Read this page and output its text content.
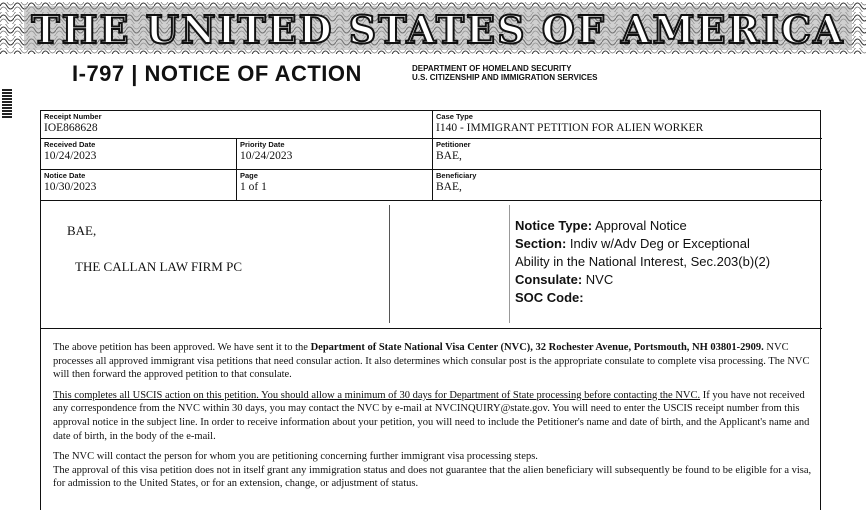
THE UNITED STATES OF AMERICA
I-797 | NOTICE OF ACTION	DEPARTMENT OF HOMELAND SECURITY
U.S. CITIZENSHIP AND IMMIGRATION SERVICES
Receipt Number
IOE868628
Case Type
I140 - IMMIGRANT PETITION FOR ALIEN WORKER
Received Date
10/24/2023
Priority Date
10/24/2023
Petitioner
BAE,
Notice Date
10/30/2023
Page
1 of 1
Beneficiary
BAE,
BAE,
THE CALLAN LAW FIRM PC
Notice Type: Approval Notice
Section: Indiv w/Adv Deg or Exceptional
Ability in the National Interest, Sec.203(b)(2)
Consulate: NVC
SOC Code:

The above petition has been approved. We have sent it to the Department of State National Visa Center (NVC), 32 Rochester Avenue, Portsmouth, NH 03801-2909. NVC processes all approved immigrant visa petitions that need consular action. It also determines which consular post is the appropriate consulate to complete visa processing. The NVC will then forward the approved petition to that consulate.

This completes all USCIS action on this petition. You should allow a minimum of 30 days for Department of State processing before contacting the NVC. If you have not received any correspondence from the NVC within 30 days, you may contact the NVC by e-mail at NVCINQUIRY@state.gov. You will need to enter the USCIS receipt number from this approval notice in the subject line. In order to receive information about your petition, you will need to include the Petitioner's name and date of birth, and the Applicant's name and date of birth, in the body of the e-mail.

The NVC will contact the person for whom you are petitioning concerning further immigrant visa processing steps.

The approval of this visa petition does not in itself grant any immigration status and does not guarantee that the alien beneficiary will subsequently be found to be eligible for a visa, for admission to the United States, or for an extension, change, or adjustment of status.
